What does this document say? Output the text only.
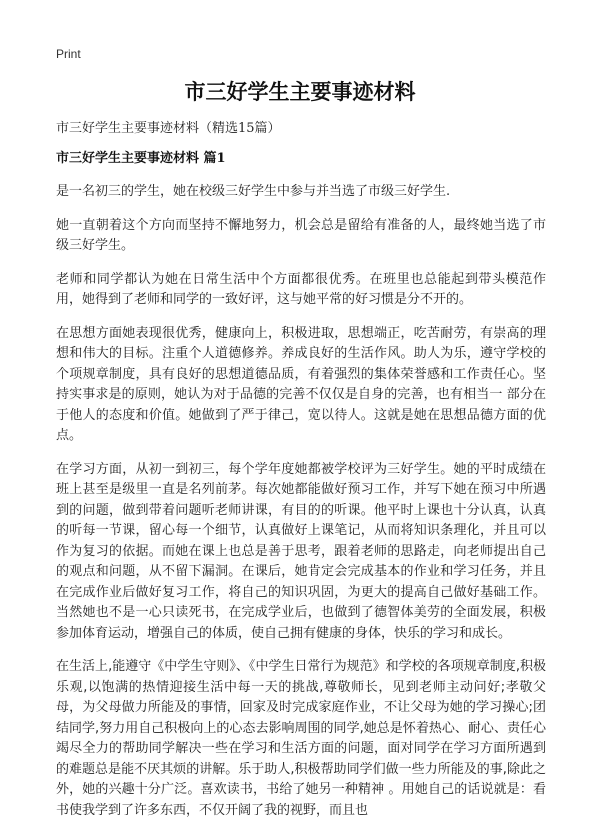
Print
市三好学生主要事迹材料
市三好学生主要事迹材料（精选15篇）
市三好学生主要事迹材料 篇1

是一名初三的学生，她在校级三好学生中参与并当选了市级三好学生.

她一直朝着这个方向而坚持不懈地努力，机会总是留给有准备的人，最终她当选了市级三好学生。

老师和同学都认为她在日常生活中个方面都很优秀。在班里也总能起到带头模范作用，她得到了老师和同学的一致好评，这与她平常的好习惯是分不开的。

在思想方面她表现很优秀，健康向上，积极进取，思想端正，吃苦耐劳，有崇高的理想和伟大的目标。注重个人道德修养。养成良好的生活作风。助人为乐，遵守学校的个项规章制度，具有良好的思想道德品质，有着强烈的集体荣誉感和工作责任心。坚持实事求是的原则，她认为对于品德的完善不仅仅是自身的完善，也有相当一 部分在于他人的态度和价值。她做到了严于律己，宽以待人。这就是她在思想品德方面的优点。

在学习方面，从初一到初三，每个学年度她都被学校评为三好学生。她的平时成绩在班上甚至是级里一直是名列前茅。每次她都能做好预习工作，并写下她在预习中所遇到的问题，做到带着问题听老师讲课，有目的的听课。他平时上课也十分认真，认真的听每一节课，留心每一个细节，认真做好上课笔记，从而将知识条理化，并且可以作为复习的依据。而她在课上也总是善于思考，跟着老师的思路走，向老师提出自己的观点和问题，从不留下漏洞。在课后，她肯定会完成基本的作业和学习任务，并且在完成作业后做好复习工作，将自己的知识巩固，为更大的提高自己做好基础工作。当然她也不是一心只读死书，在完成学业后，也做到了德智体美劳的全面发展，积极参加体育运动，增强自己的体质，使自己拥有健康的身体，快乐的学习和成长。

在生活上,能遵守《中学生守则》、《中学生日常行为规范》和学校的各项规章制度,积极乐观,以饱满的热情迎接生活中每一天的挑战,尊敬师长，见到老师主动问好;孝敬父母，为父母做力所能及的事情，回家及时完成家庭作业，不让父母为她的学习操心;团结同学,努力用自己积极向上的心态去影响周围的同学,她总是怀着热心、耐心、责任心竭尽全力的帮助同学解决一些在学习和生活方面的问题，面对同学在学习方面所遇到的难题总是能不厌其烦的讲解。乐于助人,积极帮助同学们做一些力所能及的事,除此之外，她的兴趣十分广泛。喜欢读书，书给了她另一种精神 。用她自己的话说就是：看书使我学到了许多东西，不仅开阔了我的视野，而且也
